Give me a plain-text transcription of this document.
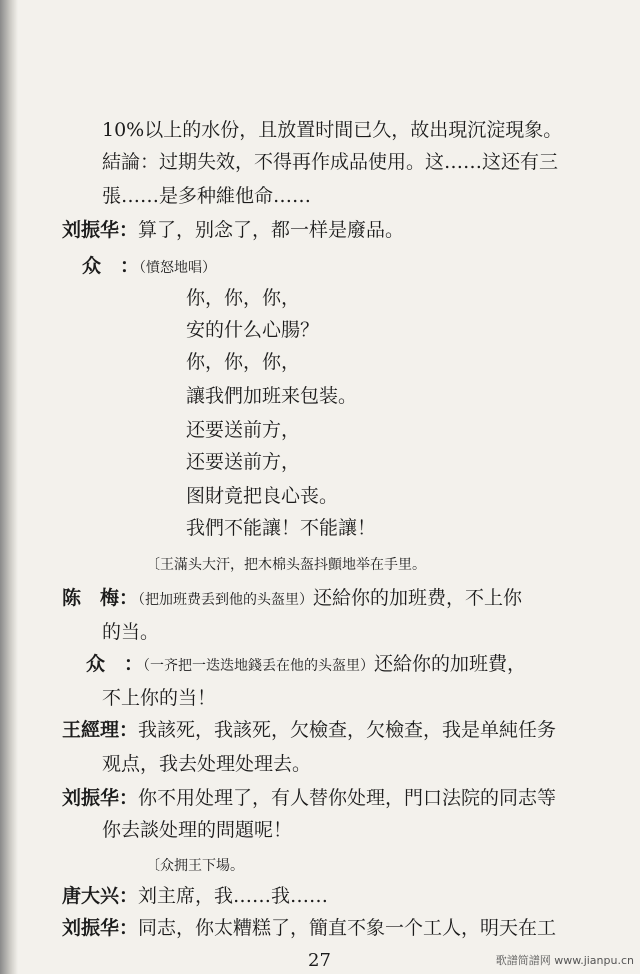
10%以上的水份，且放置时間已久，故出現沉淀現象。
結論：过期失效，不得再作成品使用。这……这还有三
張……是多种維他命……
刘振华：算了，别念了，都一样是廢品。
众　：（憤怒地唱）
你，你，你，
安的什么心腸？
你，你，你，
讓我們加班来包装。
还要送前方，
还要送前方，
图財竟把良心丧。
我們不能讓！不能讓！
〔王滿头大汗，把木棉头盔抖顫地举在手里。
陈　梅：（把加班费丢到他的头盔里）还給你的加班费，不上你
的当。
众　：（一齐把一迭迭地錢丢在他的头盔里）还給你的加班費，
不上你的当！
王經理：我該死，我該死，欠檢查，欠檢查，我是单純任务
观点，我去处理处理去。
刘振华：你不用处理了，有人替你处理，門口法院的同志等
你去談处理的問題呢！
〔众拥王下場。
唐大兴：刘主席，我……我……
刘振华：同志，你太糟糕了，簡直不象一个工人，明天在工
27	歌譜简譜网 www.jianpu.cn
